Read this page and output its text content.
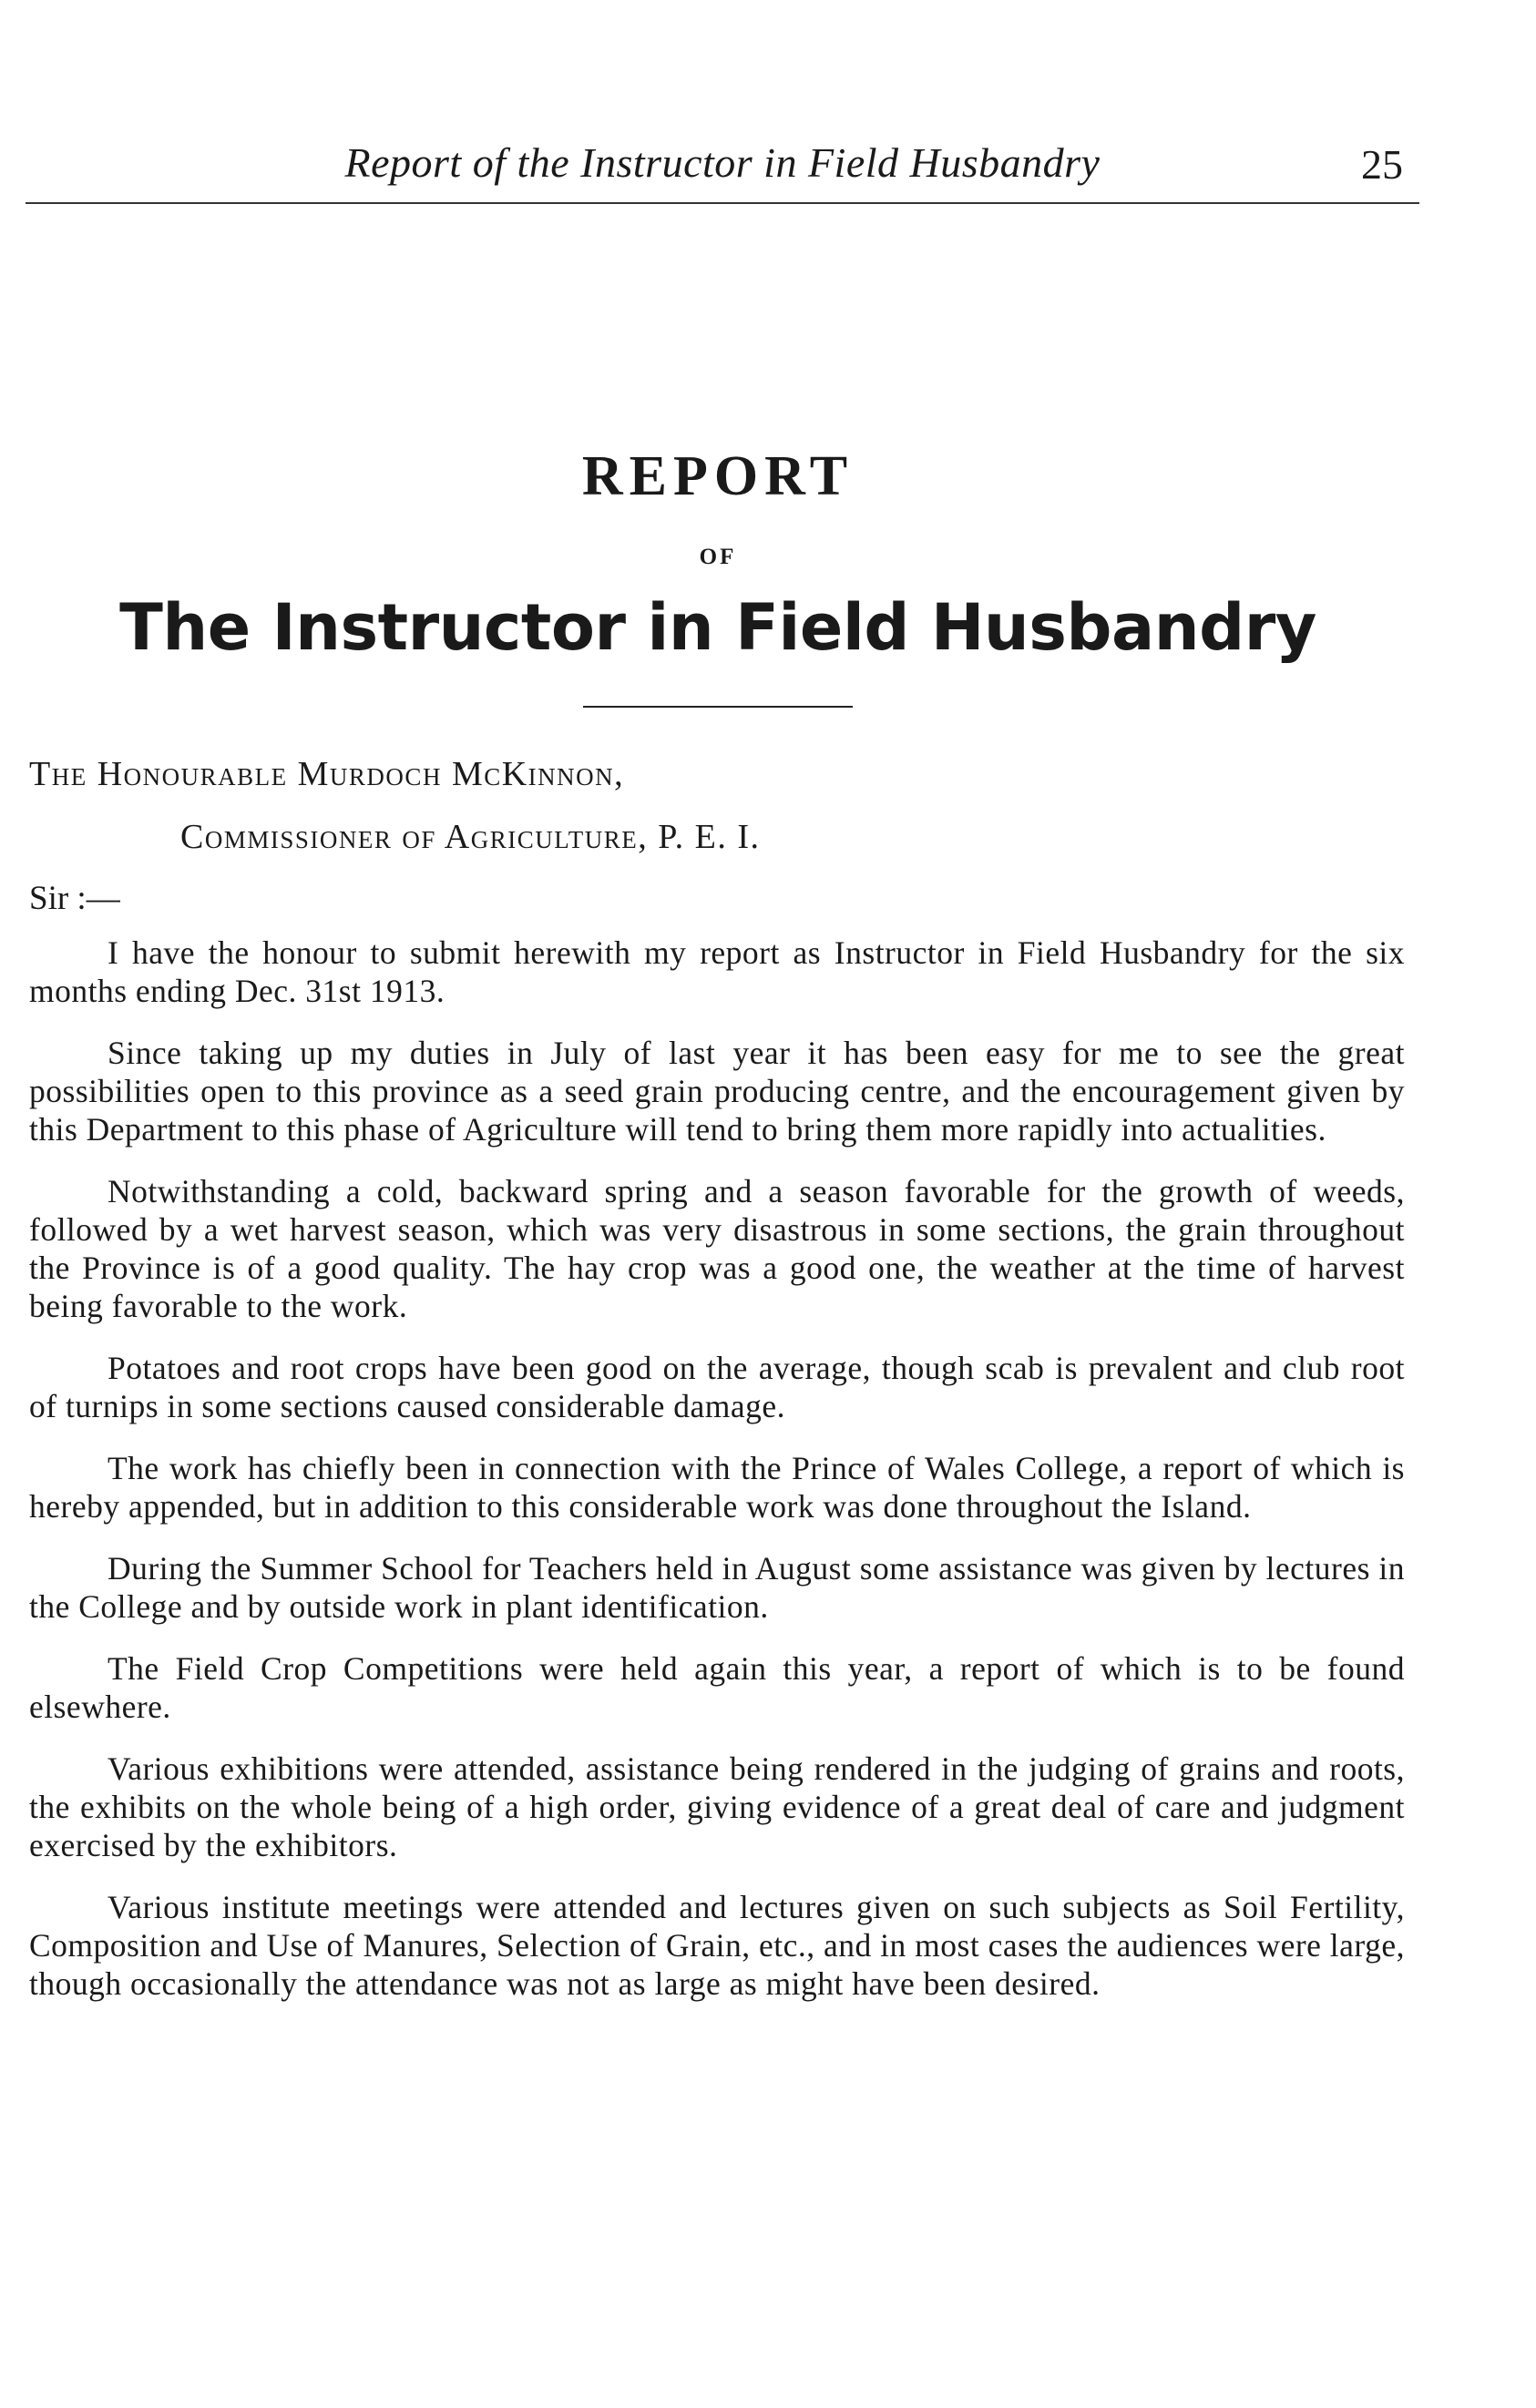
Report of the Instructor in Field Husbandry	25
REPORT
OF
The Instructor in Field Husbandry
The Honourable Murdoch McKinnon,
Commissioner of Agriculture, P. E. I.
Sir :—

I have the honour to submit herewith my report as Instructor in Field Husbandry for the six months ending Dec. 31st 1913.

Since taking up my duties in July of last year it has been easy for me to see the great possibilities open to this province as a seed grain producing centre, and the encouragement given by this Department to this phase of Agriculture will tend to bring them more rapidly into actualities.

Notwithstanding a cold, backward spring and a season favorable for the growth of weeds, followed by a wet harvest season, which was very disastrous in some sections, the grain throughout the Province is of a good quality. The hay crop was a good one, the weather at the time of harvest being favorable to the work.

Potatoes and root crops have been good on the average, though scab is prevalent and club root of turnips in some sections caused considerable damage.

The work has chiefly been in connection with the Prince of Wales College, a report of which is hereby appended, but in addition to this considerable work was done throughout the Island.

During the Summer School for Teachers held in August some assistance was given by lectures in the College and by outside work in plant identification.

The Field Crop Competitions were held again this year, a report of which is to be found elsewhere.

Various exhibitions were attended, assistance being rendered in the judging of grains and roots, the exhibits on the whole being of a high order, giving evidence of a great deal of care and judgment exercised by the exhibitors.

Various institute meetings were attended and lectures given on such subjects as Soil Fertility, Composition and Use of Manures, Selection of Grain, etc., and in most cases the audiences were large, though occasionally the attendance was not as large as might have been desired.
